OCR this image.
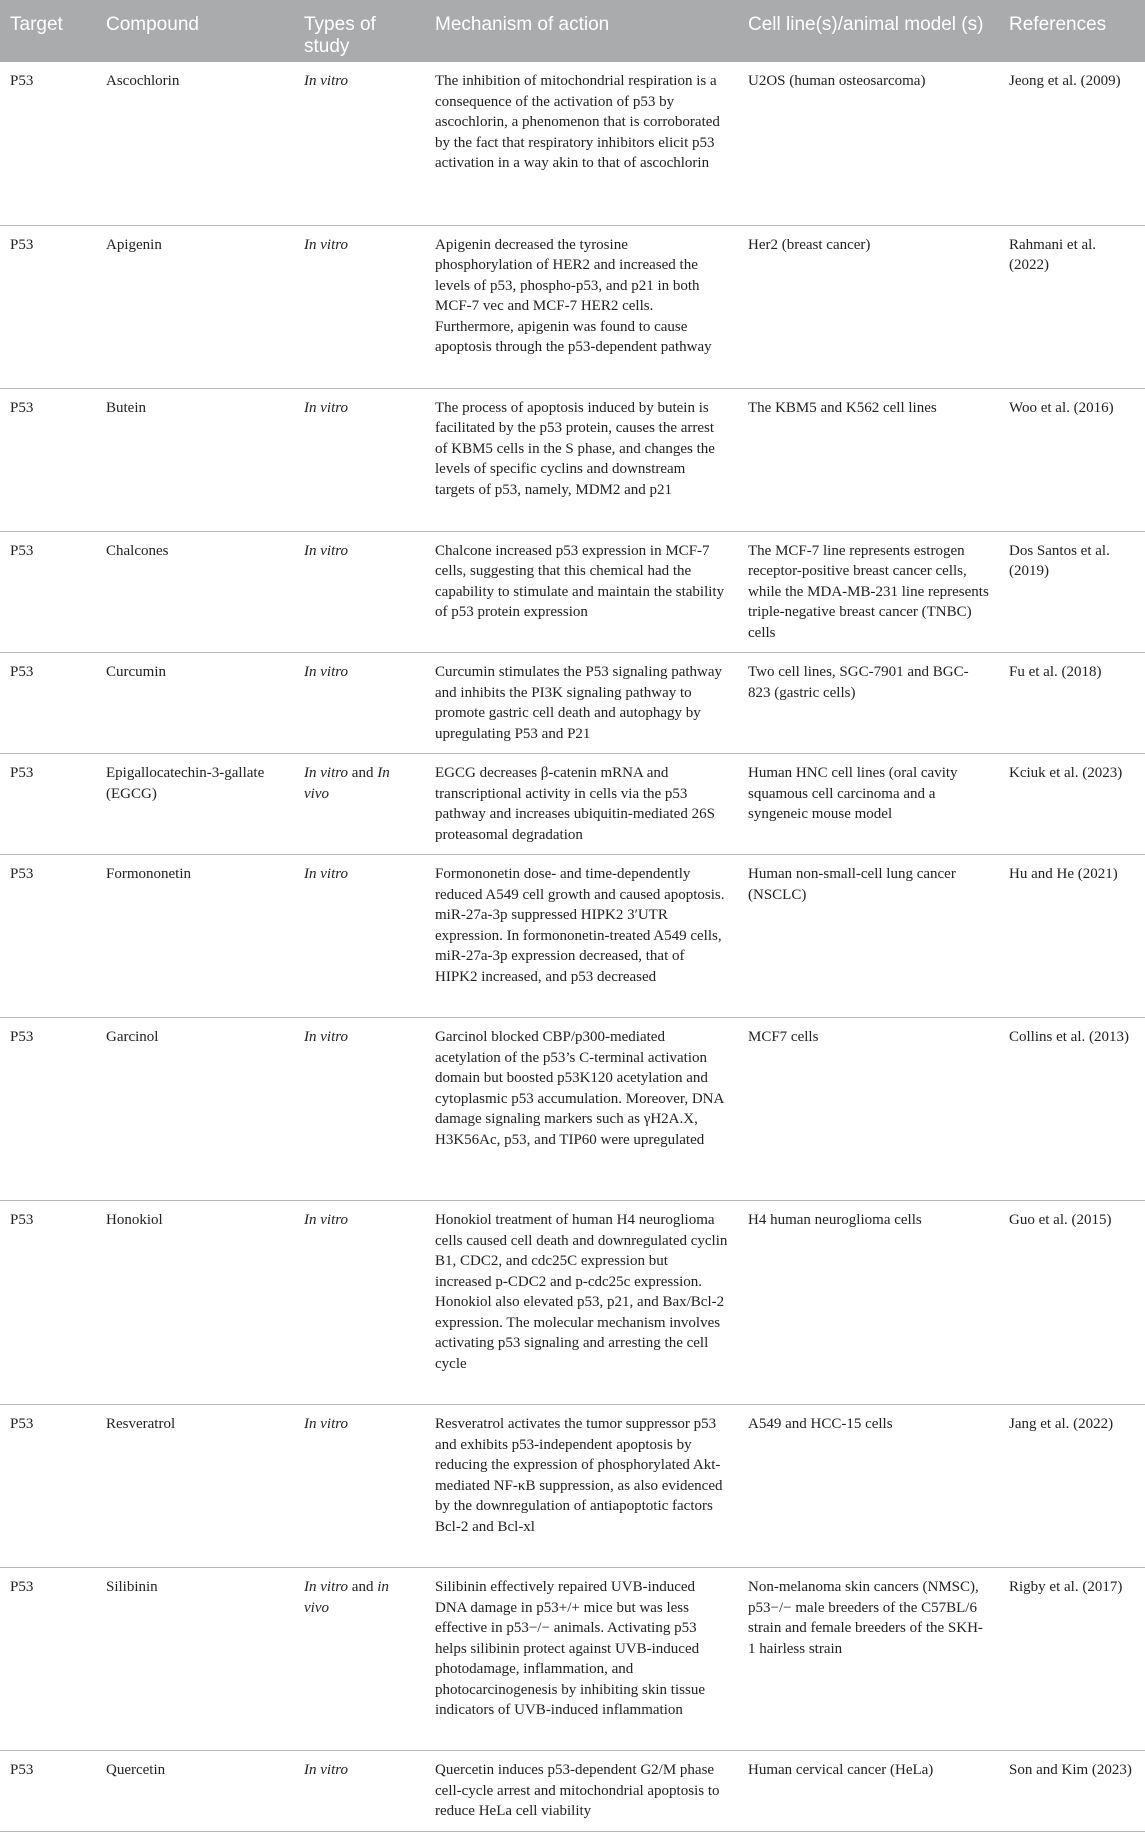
Target	Compound	Types of study	Mechanism of action	Cell line(s)/animal model (s)	References
P53	Ascochlorin	In vitro	The inhibition of mitochondrial respiration is a consequence of the activation of p53 by ascochlorin, a phenomenon that is corroborated by the fact that respiratory inhibitors elicit p53 activation in a way akin to that of ascochlorin	U2OS (human osteosarcoma)	Jeong et al. (2009)
P53	Apigenin	In vitro	Apigenin decreased the tyrosine phosphorylation of HER2 and increased the levels of p53, phospho-p53, and p21 in both MCF-7 vec and MCF-7 HER2 cells. Furthermore, apigenin was found to cause apoptosis through the p53-dependent pathway	Her2 (breast cancer)	Rahmani et al. (2022)
P53	Butein	In vitro	The process of apoptosis induced by butein is facilitated by the p53 protein, causes the arrest of KBM5 cells in the S phase, and changes the levels of specific cyclins and downstream targets of p53, namely, MDM2 and p21	The KBM5 and K562 cell lines	Woo et al. (2016)
P53	Chalcones	In vitro	Chalcone increased p53 expression in MCF-7 cells, suggesting that this chemical had the capability to stimulate and maintain the stability of p53 protein expression	The MCF-7 line represents estrogen receptor-positive breast cancer cells, while the MDA-MB-231 line represents triple-negative breast cancer (TNBC) cells	Dos Santos et al. (2019)
P53	Curcumin	In vitro	Curcumin stimulates the P53 signaling pathway and inhibits the PI3K signaling pathway to promote gastric cell death and autophagy by upregulating P53 and P21	Two cell lines, SGC-7901 and BGC-823 (gastric cells)	Fu et al. (2018)
P53	Epigallocatechin-3-gallate (EGCG)	In vitro and In vivo	EGCG decreases β-catenin mRNA and transcriptional activity in cells via the p53 pathway and increases ubiquitin-mediated 26S proteasomal degradation	Human HNC cell lines (oral cavity squamous cell carcinoma and a syngeneic mouse model	Kciuk et al. (2023)
P53	Formononetin	In vitro	Formononetin dose- and time-dependently reduced A549 cell growth and caused apoptosis. miR-27a-3p suppressed HIPK2 3′UTR expression. In formononetin-treated A549 cells, miR-27a-3p expression decreased, that of HIPK2 increased, and p53 decreased	Human non-small-cell lung cancer (NSCLC)	Hu and He (2021)
P53	Garcinol	In vitro	Garcinol blocked CBP/p300-mediated acetylation of the p53’s C-terminal activation domain but boosted p53K120 acetylation and cytoplasmic p53 accumulation. Moreover, DNA damage signaling markers such as γH2A.X, H3K56Ac, p53, and TIP60 were upregulated	MCF7 cells	Collins et al. (2013)
P53	Honokiol	In vitro	Honokiol treatment of human H4 neuroglioma cells caused cell death and downregulated cyclin B1, CDC2, and cdc25C expression but increased p-CDC2 and p-cdc25c expression. Honokiol also elevated p53, p21, and Bax/Bcl-2 expression. The molecular mechanism involves activating p53 signaling and arresting the cell cycle	H4 human neuroglioma cells	Guo et al. (2015)
P53	Resveratrol	In vitro	Resveratrol activates the tumor suppressor p53 and exhibits p53-independent apoptosis by reducing the expression of phosphorylated Akt-mediated NF-κB suppression, as also evidenced by the downregulation of antiapoptotic factors Bcl-2 and Bcl-xl	A549 and HCC-15 cells	Jang et al. (2022)
P53	Silibinin	In vitro and in vivo	Silibinin effectively repaired UVB-induced DNA damage in p53+/+ mice but was less effective in p53−/− animals. Activating p53 helps silibinin protect against UVB-induced photodamage, inflammation, and photocarcinogenesis by inhibiting skin tissue indicators of UVB-induced inflammation	Non-melanoma skin cancers (NMSC), p53−/− male breeders of the C57BL/6 strain and female breeders of the SKH-1 hairless strain	Rigby et al. (2017)
P53	Quercetin	In vitro	Quercetin induces p53-dependent G2/M phase cell-cycle arrest and mitochondrial apoptosis to reduce HeLa cell viability	Human cervical cancer (HeLa)	Son and Kim (2023)
